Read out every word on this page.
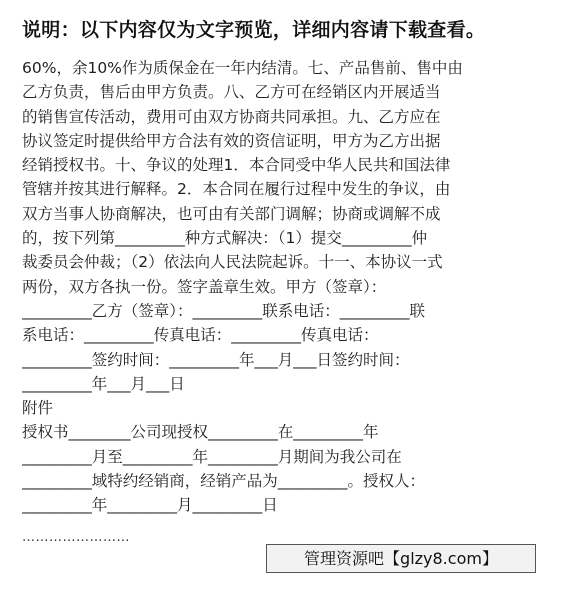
说明：以下内容仅为文字预览，详细内容请下载查看。
60%，余10%作为质保金在一年内结清。七、产品售前、售中由
乙方负责，售后由甲方负责。八、乙方可在经销区内开展适当
的销售宣传活动，费用可由双方协商共同承担。九、乙方应在
协议签定时提供给甲方合法有效的资信证明，甲方为乙方出据
经销授权书。十、争议的处理1．本合同受中华人民共和国法律
管辖并按其进行解释。2．本合同在履行过程中发生的争议，由
双方当事人协商解决，也可由有关部门调解；协商或调解不成
的，按下列第_________种方式解决：（1）提交_________仲
裁委员会仲裁；（2）依法向人民法院起诉。十一、本协议一式
两份，双方各执一份。签字盖章生效。甲方（签章）：
_________乙方（签章）：_________联系电话：_________联
系电话：_________传真电话：_________传真电话：
_________签约时间：_________年___月___日签约时间：
_________年___月___日
附件
授权书________公司现授权_________在_________年
_________月至_________年_________月期间为我公司在
_________域特约经销商，经销产品为_________。授权人：
_________年_________月_________日
……………………
管理资源吧【glzy8.com】
